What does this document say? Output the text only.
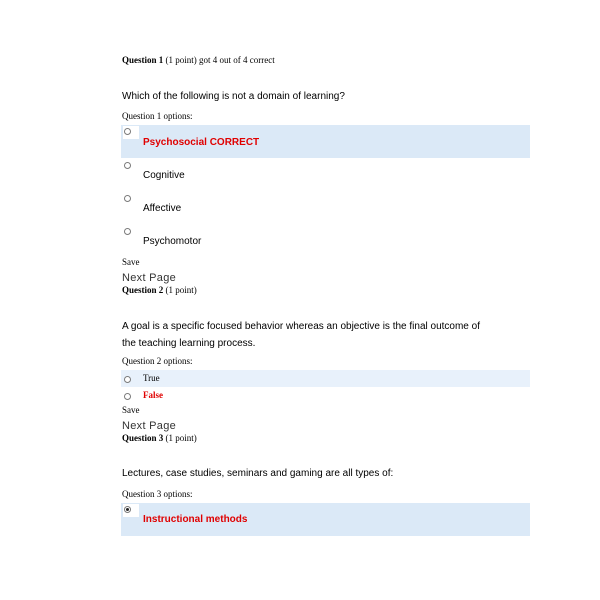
Question 1 (1 point) got 4 out of 4 correct
Which of the following is not a domain of learning?
Question 1 options:
Psychosocial CORRECT
Cognitive
Affective
Psychomotor
Save
Next Page
Question 2 (1 point)
A goal is a specific focused behavior whereas an objective is the final outcome of
the teaching learning process.
Question 2 options:
True
False
Save
Next Page
Question 3 (1 point)
Lectures, case studies, seminars and gaming are all types of:
Question 3 options:
Instructional methods
